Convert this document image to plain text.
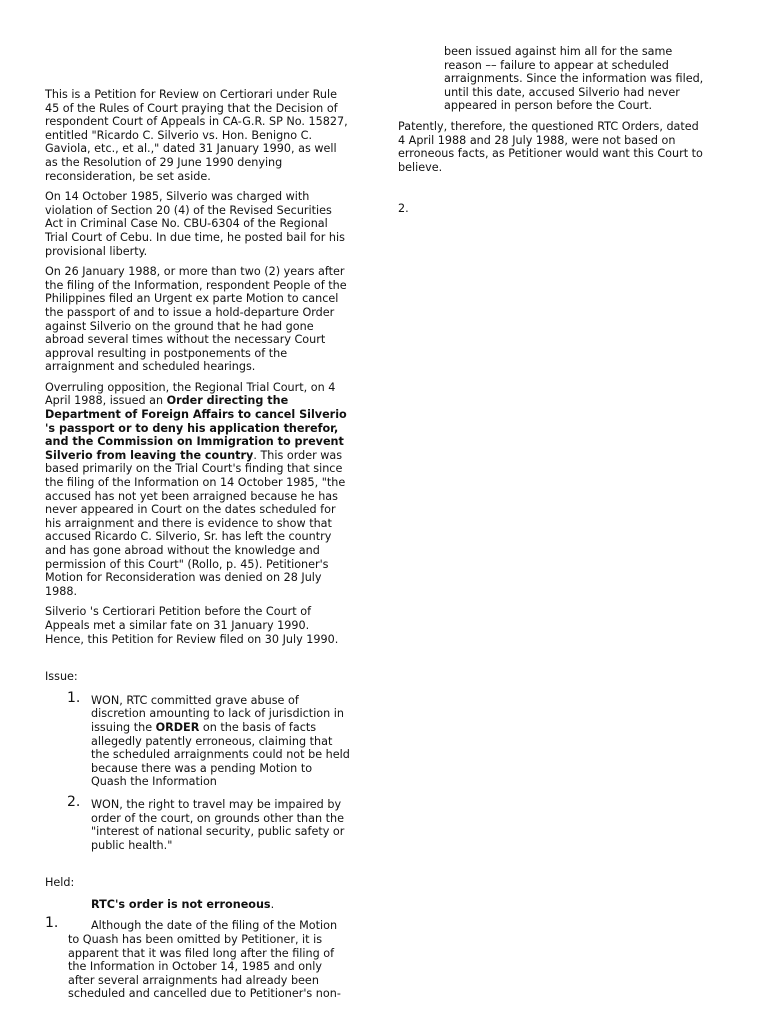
This is a Petition for Review on Certiorari under Rule 45 of the Rules of Court praying that the Decision of respondent Court of Appeals in CA-G.R. SP No. 15827, entitled "Ricardo C. Silverio vs. Hon. Benigno C. Gaviola, etc., et al.," dated 31 January 1990, as well as the Resolution of 29 June 1990 denying reconsideration, be set aside.

On 14 October 1985, Silverio was charged with violation of Section 20 (4) of the Revised Securities Act in Criminal Case No. CBU-6304 of the Regional Trial Court of Cebu. In due time, he posted bail for his provisional liberty.

On 26 January 1988, or more than two (2) years after the filing of the Information, respondent People of the Philippines filed an Urgent ex parte Motion to cancel the passport of and to issue a hold-departure Order against Silverio on the ground that he had gone abroad several times without the necessary Court approval resulting in postponements of the arraignment and scheduled hearings.

Overruling opposition, the Regional Trial Court, on 4 April 1988, issued an Order directing the Department of Foreign Affairs to cancel Silverio 's passport or to deny his application therefor, and the Commission on Immigration to prevent Silverio from leaving the country. This order was based primarily on the Trial Court's finding that since the filing of the Information on 14 October 1985, "the accused has not yet been arraigned because he has never appeared in Court on the dates scheduled for his arraignment and there is evidence to show that accused Ricardo C. Silverio, Sr. has left the country and has gone abroad without the knowledge and permission of this Court" (Rollo, p. 45). Petitioner's Motion for Reconsideration was denied on 28 July 1988.

Silverio 's Certiorari Petition before the Court of Appeals met a similar fate on 31 January 1990. Hence, this Petition for Review filed on 30 July 1990.

Issue:
1. WON, RTC committed grave abuse of discretion amounting to lack of jurisdiction in issuing the ORDER on the basis of facts allegedly patently erroneous, claiming that the scheduled arraignments could not be held because there was a pending Motion to Quash the Information
2. WON, the right to travel may be impaired by order of the court, on grounds other than the "interest of national security, public safety or public health."
Held:
RTC's order is not erroneous.
1.	Although the date of the filing of the Motion to Quash has been omitted by Petitioner, it is apparent that it was filed long after the filing of the Information in October 14, 1985 and only after several arraignments had already been scheduled and cancelled due to Petitioner's non-
been issued against him all for the same reason –– failure to appear at scheduled arraignments. Since the information was filed, until this date, accused Silverio had never appeared in person before the Court.

Patently, therefore, the questioned RTC Orders, dated 4 April 1988 and 28 July 1988, were not based on erroneous facts, as Petitioner would want this Court to believe.

2.
